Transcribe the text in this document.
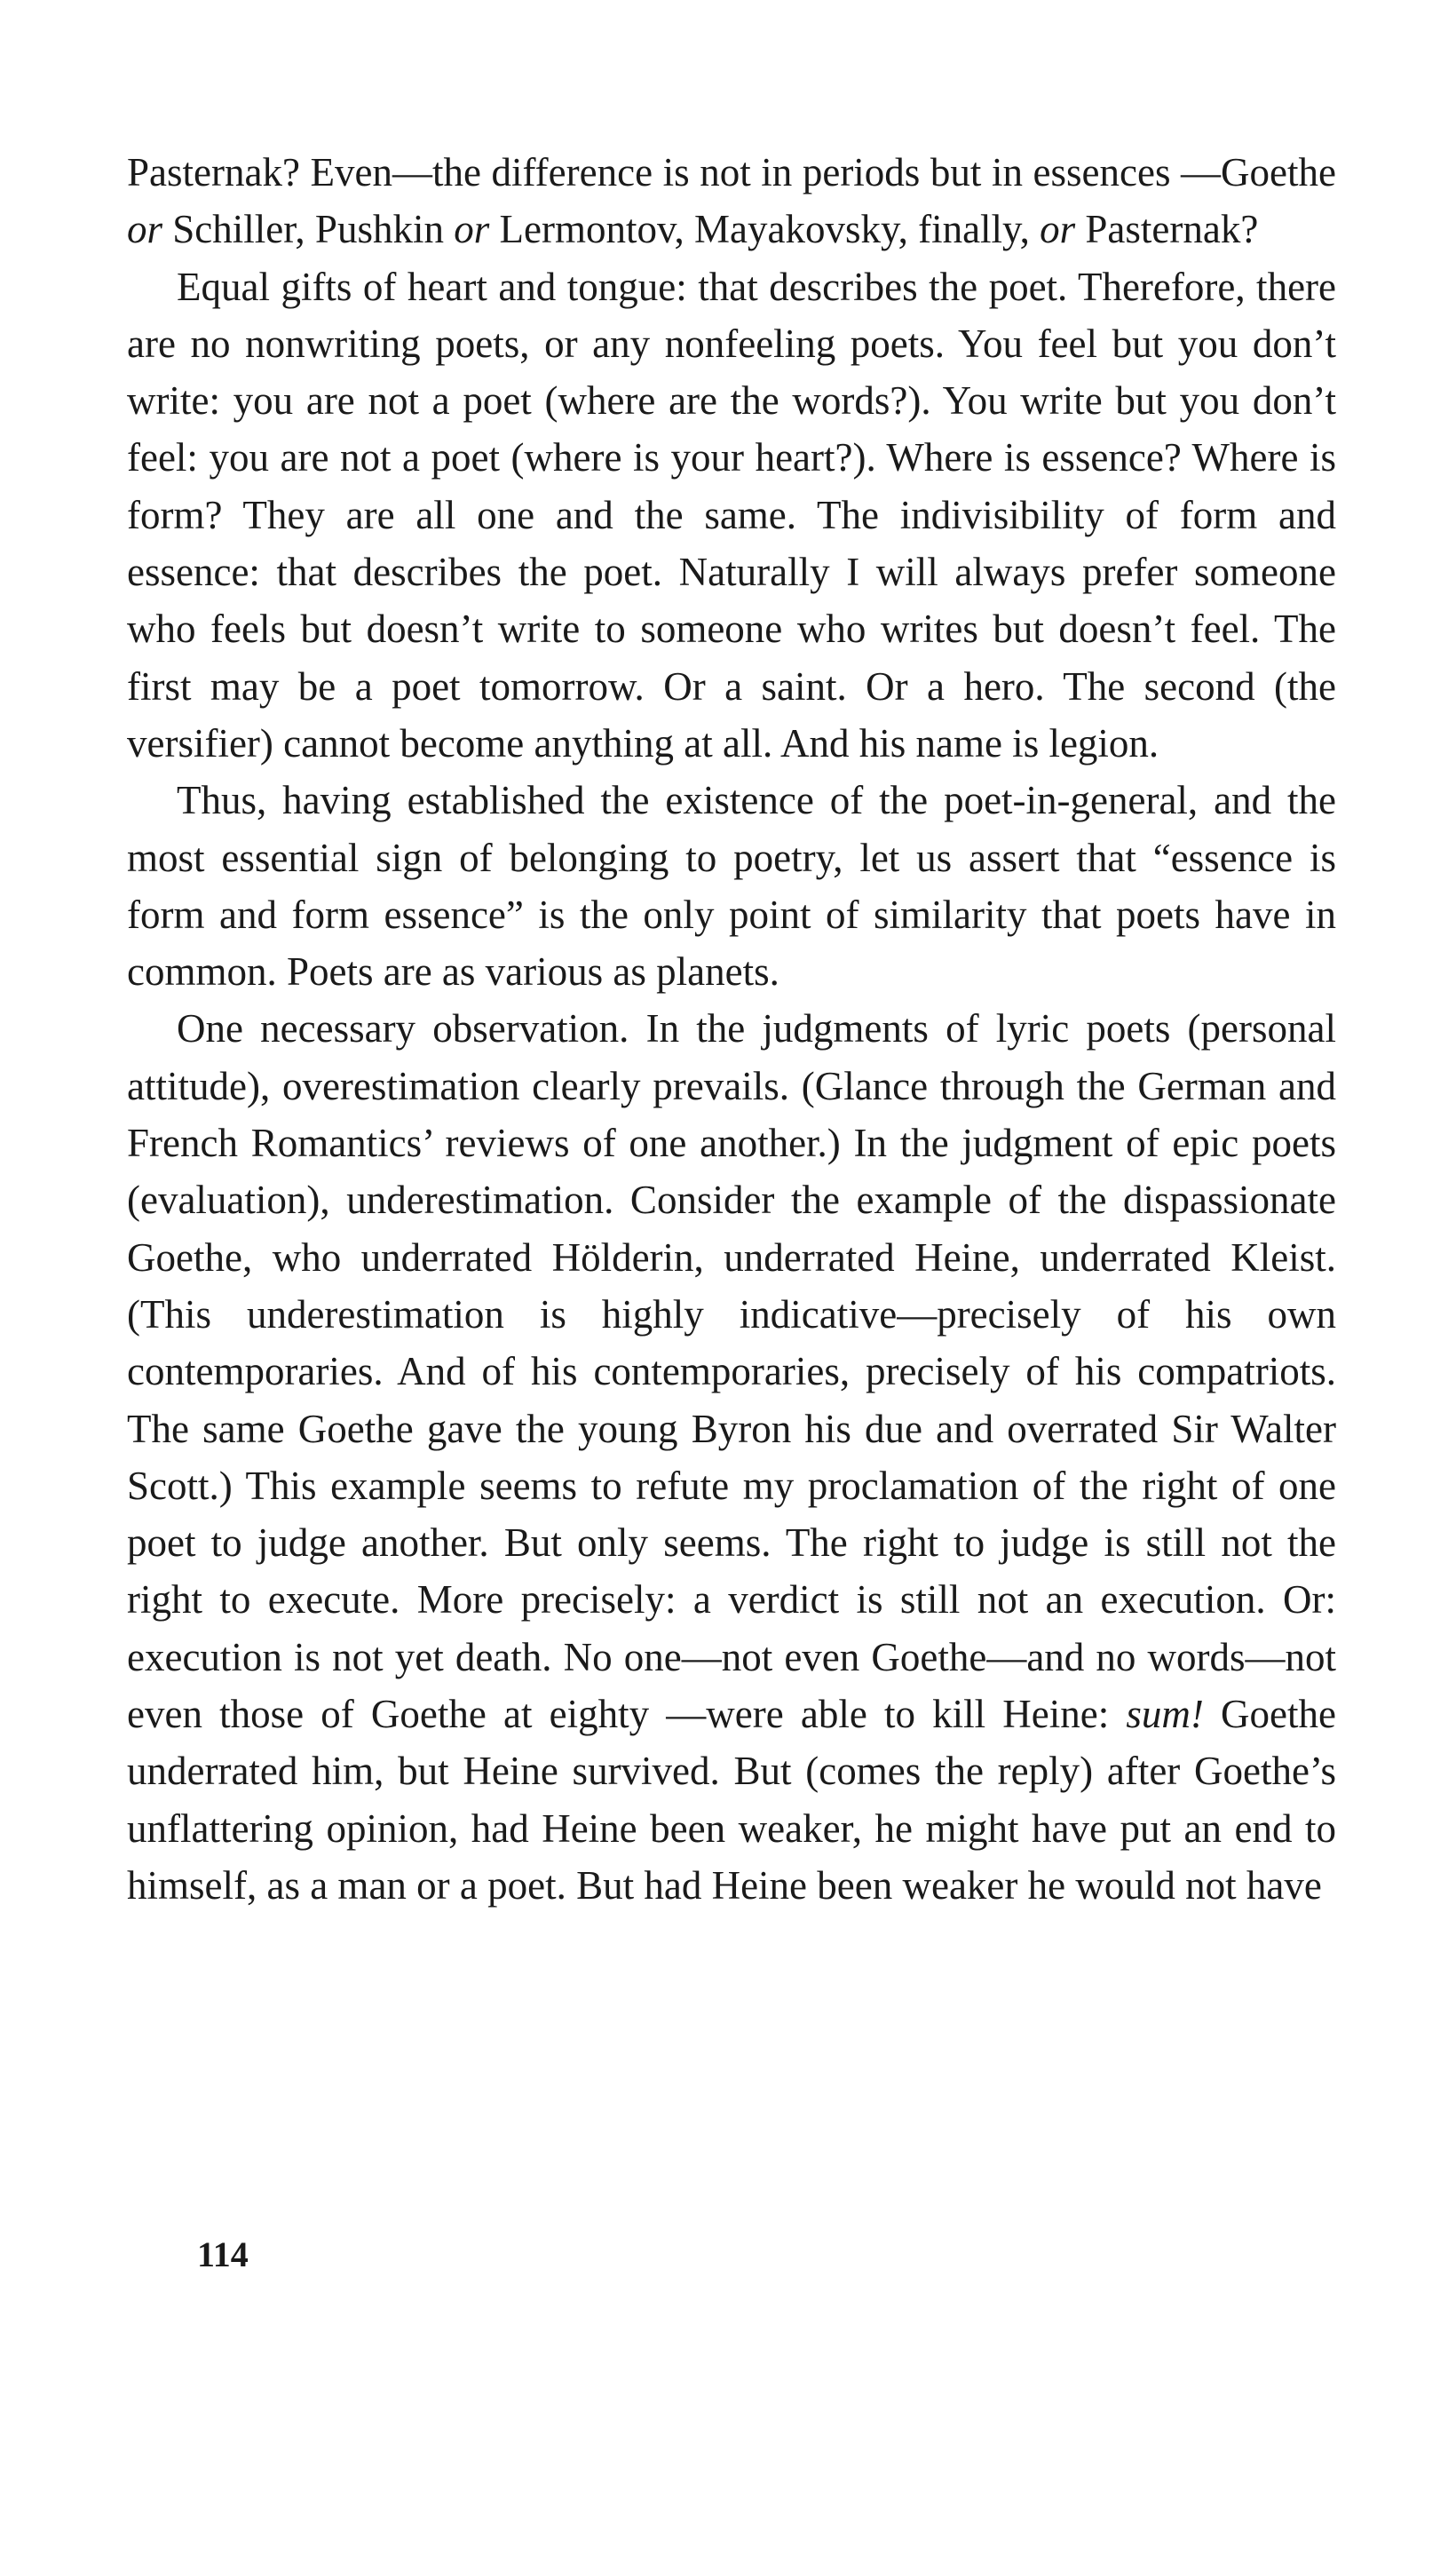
Pasternak? Even—the difference is not in periods but in essences —Goethe or Schiller, Pushkin or Lermontov, Mayakovsky, finally, or Pasternak?

Equal gifts of heart and tongue: that describes the poet. Therefore, there are no nonwriting poets, or any nonfeeling poets. You feel but you don’t write: you are not a poet (where are the words?). You write but you don’t feel: you are not a poet (where is your heart?). Where is essence? Where is form? They are all one and the same. The indivisibility of form and essence: that describes the poet. Naturally I will always prefer someone who feels but doesn’t write to someone who writes but doesn’t feel. The first may be a poet tomorrow. Or a saint. Or a hero. The second (the versifier) cannot become anything at all. And his name is legion.

Thus, having established the existence of the poet-in-general, and the most essential sign of belonging to poetry, let us assert that “essence is form and form essence” is the only point of similarity that poets have in common. Poets are as various as planets.

One necessary observation. In the judgments of lyric poets (personal attitude), overestimation clearly prevails. (Glance through the German and French Romantics’ reviews of one another.) In the judgment of epic poets (evaluation), underestimation. Consider the example of the dispassionate Goethe, who underrated Hölderin, underrated Heine, underrated Kleist. (This underestimation is highly indicative—precisely of his own contemporaries. And of his contemporaries, precisely of his compatriots. The same Goethe gave the young Byron his due and overrated Sir Walter Scott.) This example seems to refute my proclamation of the right of one poet to judge another. But only seems. The right to judge is still not the right to execute. More precisely: a verdict is still not an execution. Or: execution is not yet death. No one—not even Goethe—and no words—not even those of Goethe at eighty —were able to kill Heine: sum! Goethe underrated him, but Heine survived. But (comes the reply) after Goethe’s unflattering opinion, had Heine been weaker, he might have put an end to himself, as a man or a poet. But had Heine been weaker he would not have

114
